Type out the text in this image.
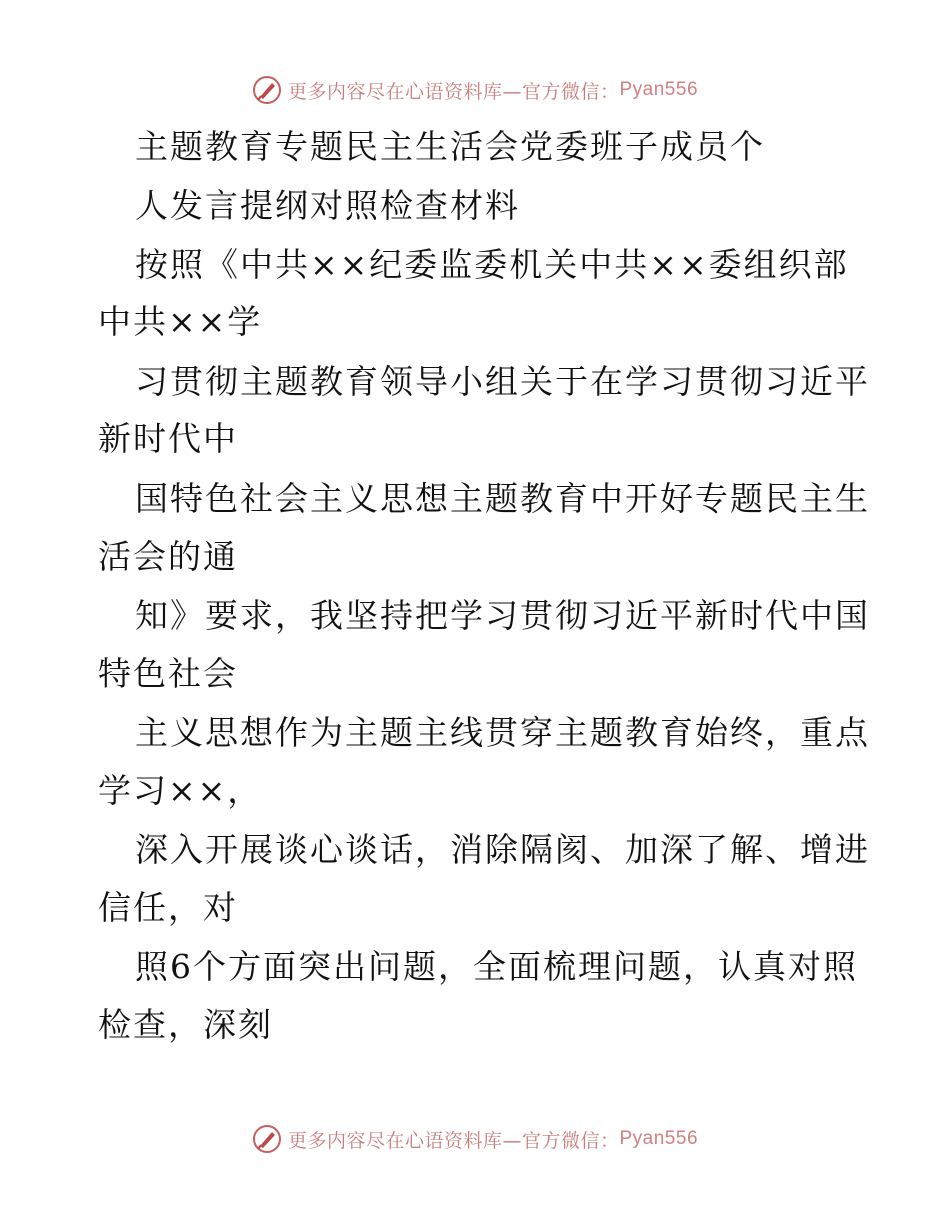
更多内容尽在心语资料库—官方微信： Pyan556
主题教育专题民主生活会党委班子成员个
人发言提纲对照检查材料
按照《中共××纪委监委机关中共××委组织部
中共××学
习贯彻主题教育领导小组关于在学习贯彻习近平
新时代中
国特色社会主义思想主题教育中开好专题民主生
活会的通
知》要求，我坚持把学习贯彻习近平新时代中国
特色社会
主义思想作为主题主线贯穿主题教育始终，重点
学习××，
深入开展谈心谈话，消除隔阂、加深了解、增进
信任，对
照6个方面突出问题，全面梳理问题，认真对照
检查，深刻
更多内容尽在心语资料库—官方微信： Pyan556
